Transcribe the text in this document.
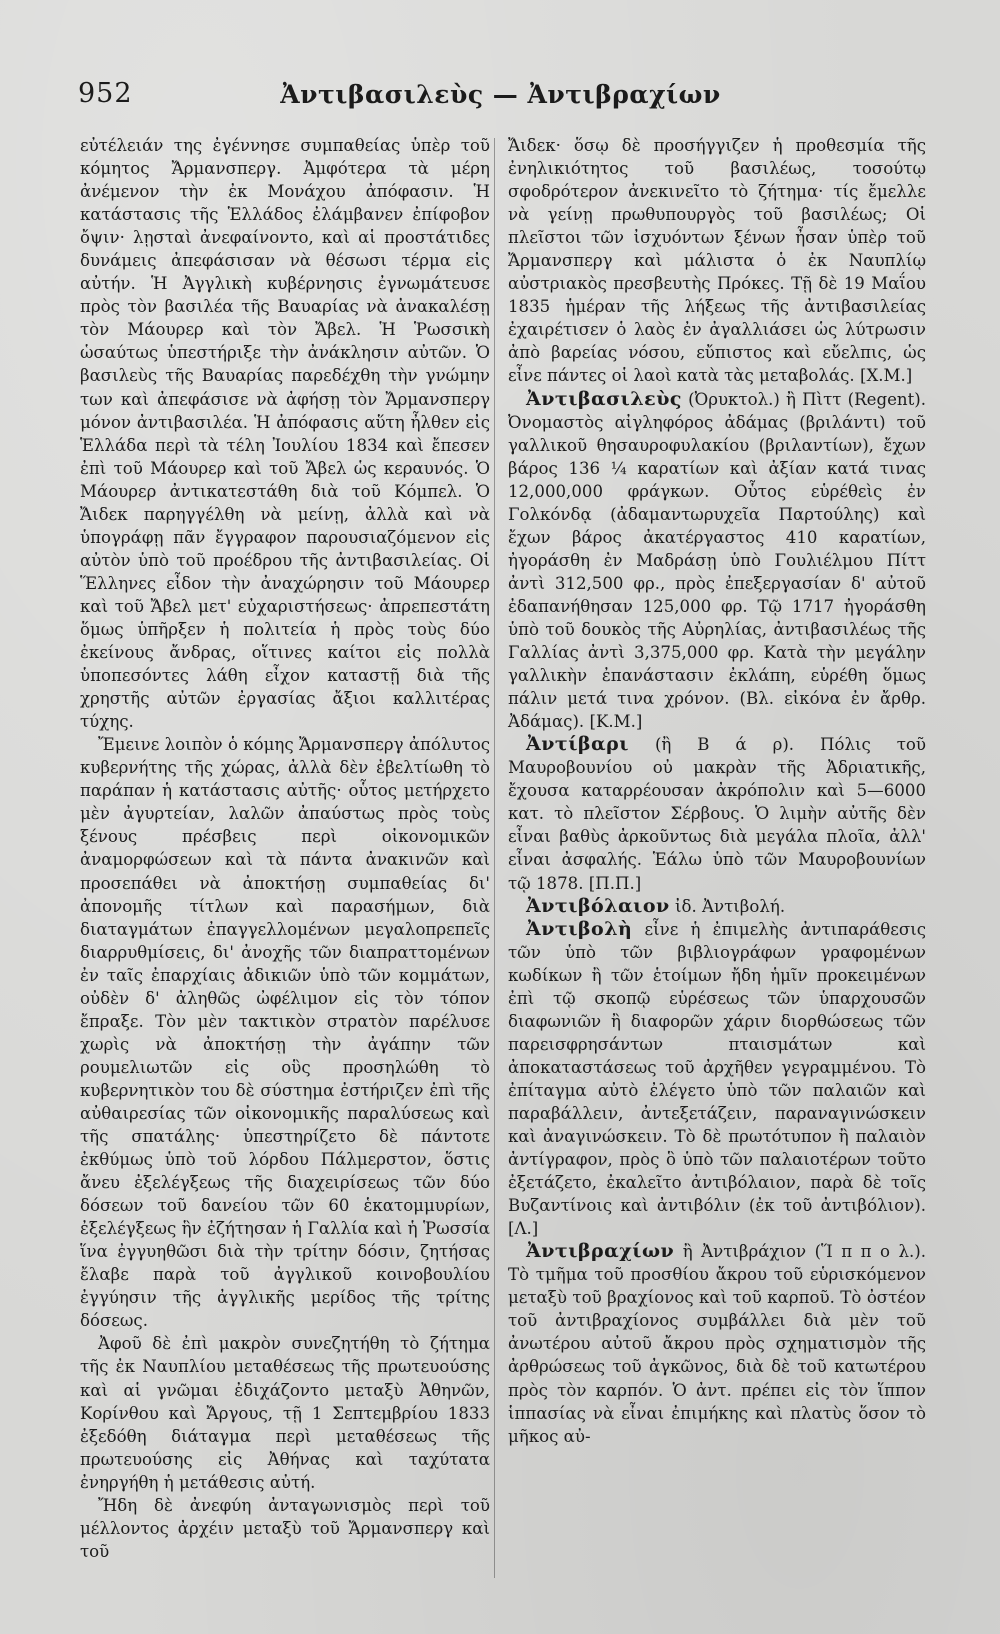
952	Ἀντιβασιλεὺς — Ἀντιβραχίων

εὐτέλειάν της ἐγέννησε συμπαθείας ὑπὲρ τοῦ κόμητος Ἄρμανσπεργ. Ἀμφότερα τὰ μέρη ἀνέμενον τὴν ἐκ Μονάχου ἀπόφασιν. Ἡ κατάστασις τῆς Ἑλλάδος ἐλάμβανεν ἐπίφοβον ὄψιν· λῃσταὶ ἀνεφαίνοντο, καὶ αἱ προστάτιδες δυνάμεις ἀπεφάσισαν νὰ θέσωσι τέρμα εἰς αὐτήν. Ἡ Ἀγγλικὴ κυβέρνησις ἐγνωμάτευσε πρὸς τὸν βασιλέα τῆς Βαυαρίας νὰ ἀνακαλέσῃ τὸν Μάουρερ καὶ τὸν Ἄβελ. Ἡ Ῥωσσικὴ ὡσαύτως ὑπεστήριξε τὴν ἀνάκλησιν αὐτῶν. Ὁ βασιλεὺς τῆς Βαυαρίας παρεδέχθη τὴν γνώμην των καὶ ἀπεφάσισε νὰ ἀφήσῃ τὸν Ἄρμανσπεργ μόνον ἀντιβασιλέα. Ἡ ἀπόφασις αὕτη ἦλθεν εἰς Ἑλλάδα περὶ τὰ τέλη Ἰουλίου 1834 καὶ ἔπεσεν ἐπὶ τοῦ Μάουρερ καὶ τοῦ Ἄβελ ὡς κεραυνός. Ὁ Μάουρερ ἀντικατεστάθη διὰ τοῦ Κόμπελ. Ὁ Ἄιδεκ παρηγγέλθη νὰ μείνῃ, ἀλλὰ καὶ νὰ ὑπογράφῃ πᾶν ἔγγραφον παρουσιαζόμενον εἰς αὐτὸν ὑπὸ τοῦ προέδρου τῆς ἀντιβασιλείας. Οἱ Ἕλληνες εἶδον τὴν ἀναχώρησιν τοῦ Μάουρερ καὶ τοῦ Ἄβελ μετ' εὐχαριστήσεως· ἀπρεπεστάτη ὅμως ὑπῆρξεν ἡ πολιτεία ἡ πρὸς τοὺς δύο ἐκείνους ἄνδρας, οἵτινες καίτοι εἰς πολλὰ ὑποπεσόντες λάθη εἶχον καταστῇ διὰ τῆς χρηστῆς αὐτῶν ἐργασίας ἄξιοι καλλιτέρας τύχης.

Ἔμεινε λοιπὸν ὁ κόμης Ἄρμανσπεργ ἀπόλυτος κυβερνήτης τῆς χώρας, ἀλλὰ δὲν ἐβελτίωθη τὸ παράπαν ἡ κατάστασις αὐτῆς· οὗτος μετήρχετο μὲν ἀγυρτείαν, λαλῶν ἀπαύστως πρὸς τοὺς ξένους πρέσβεις περὶ οἰκονομικῶν ἀναμορφώσεων καὶ τὰ πάντα ἀνακινῶν καὶ προσεπάθει νὰ ἀποκτήσῃ συμπαθείας δι' ἀπονομῆς τίτλων καὶ παρασήμων, διὰ διαταγμάτων ἐπαγγελλομένων μεγαλοπρεπεῖς διαρρυθμίσεις, δι' ἀνοχῆς τῶν διαπραττομένων ἐν ταῖς ἐπαρχίαις ἀδικιῶν ὑπὸ τῶν κομμάτων, οὐδὲν δ' ἀληθῶς ὠφέλιμον εἰς τὸν τόπον ἔπραξε. Τὸν μὲν τακτικὸν στρατὸν παρέλυσε χωρὶς νὰ ἀποκτήσῃ τὴν ἀγάπην τῶν ρουμελιωτῶν εἰς οὓς προσηλώθη τὸ κυβερνητικὸν του δὲ σύστημα ἐστήριζεν ἐπὶ τῆς αὐθαιρεσίας τῶν οἰκονομικῆς παραλύσεως καὶ τῆς σπατάλης· ὑπεστηρίζετο δὲ πάντοτε ἐκθύμως ὑπὸ τοῦ λόρδου Πάλμερστον, ὅστις ἄνευ ἐξελέγξεως τῆς διαχειρίσεως τῶν δύο δόσεων τοῦ δανείου τῶν 60 ἑκατομμυρίων, ἐξελέγξεως ἣν ἐζήτησαν ἡ Γαλλία καὶ ἡ Ῥωσσία ἵνα ἐγγυηθῶσι διὰ τὴν τρίτην δόσιν, ζητήσας ἔλαβε παρὰ τοῦ ἀγγλικοῦ κοινοβουλίου ἐγγύησιν τῆς ἀγγλικῆς μερίδος τῆς τρίτης δόσεως.

Ἀφοῦ δὲ ἐπὶ μακρὸν συνεζητήθη τὸ ζήτημα τῆς ἐκ Ναυπλίου μεταθέσεως τῆς πρωτευούσης καὶ αἱ γνῶμαι ἐδιχάζοντο μεταξὺ Ἀθηνῶν, Κορίνθου καὶ Ἄργους, τῇ 1 Σεπτεμβρίου 1833 ἐξεδόθη διάταγμα περὶ μεταθέσεως τῆς πρωτευούσης εἰς Ἀθήνας καὶ ταχύτατα ἐνηργήθη ἡ μετάθεσις αὐτή.

Ἤδη δὲ ἀνεφύη ἀνταγωνισμὸς περὶ τοῦ μέλλοντος ἀρχέιν μεταξὺ τοῦ Ἄρμανσπεργ καὶ τοῦ

Ἄιδεκ· ὅσῳ δὲ προσήγγιζεν ἡ προθεσμία τῆς ἐνηλικιότητος τοῦ βασιλέως, τοσούτῳ σφοδρότερον ἀνεκινεῖτο τὸ ζήτημα· τίς ἔμελλε νὰ γείνῃ πρωθυπουργὸς τοῦ βασιλέως; Οἱ πλεῖστοι τῶν ἰσχυόντων ξένων ἦσαν ὑπὲρ τοῦ Ἄρμανσπεργ καὶ μάλιστα ὁ ἐκ Ναυπλίῳ αὐστριακὸς πρεσβευτὴς Πρόκες. Τῇ δὲ 19 Μαΐου 1835 ἡμέραν τῆς λήξεως τῆς ἀντιβασιλείας ἐχαιρέτισεν ὁ λαὸς ἐν ἀγαλλιάσει ὡς λύτρωσιν ἀπὸ βαρείας νόσου, εὔπιστος καὶ εὔελπις, ὡς εἶνε πάντες οἱ λαοὶ κατὰ τὰς μεταβολάς. [Χ.Μ.]

Ἀντιβασιλεὺς (Ὀρυκτολ.) ἢ Πὶττ (Regent). Ὀνομαστὸς αἰγληφόρος ἀδάμας (βριλάντι) τοῦ γαλλικοῦ θησαυροφυλακίου (βριλαντίων), ἔχων βάρος 136 ¼ καρατίων καὶ ἀξίαν κατά τινας 12,000,000 φράγκων. Οὗτος εὑρέθεὶς ἐν Γολκόνδᾳ (ἀδαμαντωρυχεῖα Παρτούλης) καὶ ἔχων βάρος ἀκατέργαστος 410 καρατίων, ἠγοράσθη ἐν Μαδράσῃ ὑπὸ Γουλιέλμου Πίττ ἀντὶ 312,500 φρ., πρὸς ἐπεξεργασίαν δ' αὐτοῦ ἐδαπανήθησαν 125,000 φρ. Τῷ 1717 ἠγοράσθη ὑπὸ τοῦ δουκὸς τῆς Αὐρηλίας, ἀντιβασιλέως τῆς Γαλλίας ἀντὶ 3,375,000 φρ. Κατὰ τὴν μεγάλην γαλλικὴν ἐπανάστασιν ἐκλάπη, εὑρέθη ὅμως πάλιν μετά τινα χρόνον. (Βλ. εἰκόνα ἐν ἄρθρ. Ἀδάμας). [Κ.Μ.]

Ἀντίβαρι (ἢ Β ά ρ). Πόλις τοῦ Μαυροβουνίου οὐ μακρὰν τῆς Ἀδριατικῆς, ἔχουσα καταρρέουσαν ἀκρόπολιν καὶ 5—6000 κατ. τὸ πλεῖστον Σέρβους. Ὁ λιμὴν αὐτῆς δὲν εἶναι βαθὺς ἀρκοῦντως διὰ μεγάλα πλοῖα, ἀλλ' εἶναι ἀσφαλής. Ἑάλω ὑπὸ τῶν Μαυροβουνίων τῷ 1878. [Π.Π.]

Ἀντιβόλαιον ἰδ. Ἀντιβολή.

Ἀντιβολὴ εἶνε ἡ ἐπιμελὴς ἀντιπαράθεσις τῶν ὑπὸ τῶν βιβλιογράφων γραφομένων κωδίκων ἢ τῶν ἑτοίμων ἤδη ἡμῖν προκειμένων ἐπὶ τῷ σκοπῷ εὑρέσεως τῶν ὑπαρχουσῶν διαφωνιῶν ἢ διαφορῶν χάριν διορθώσεως τῶν παρεισφρησάντων πταισμάτων καὶ ἀποκαταστάσεως τοῦ ἀρχῆθεν γεγραμμένου. Τὸ ἐπίταγμα αὐτὸ ἐλέγετο ὑπὸ τῶν παλαιῶν καὶ παραβάλλειν, ἀντεξετάζειν, παραναγινώσκειν καὶ ἀναγινώσκειν. Τὸ δὲ πρωτότυπον ἢ παλαιὸν ἀντίγραφον, πρὸς ὃ ὑπὸ τῶν παλαιοτέρων τοῦτο ἐξετάζετο, ἐκαλεῖτο ἀντιβόλαιον, παρὰ δὲ τοῖς Βυζαντίνοις καὶ ἀντιβόλιν (ἐκ τοῦ ἀντιβόλιον). [Λ.]

Ἀντιβραχίων ἢ Ἀντιβράχιον (Ἵ π π ο λ.). Τὸ τμῆμα τοῦ προσθίου ἄκρου τοῦ εὑρισκόμενον μεταξὺ τοῦ βραχίονος καὶ τοῦ καρποῦ. Τὸ ὀστέον τοῦ ἀντιβραχίονος συμβάλλει διὰ μὲν τοῦ ἀνωτέρου αὐτοῦ ἄκρου πρὸς σχηματισμὸν τῆς ἀρθρώσεως τοῦ ἀγκῶνος, διὰ δὲ τοῦ κατωτέρου πρὸς τὸν καρπόν. Ὁ ἀντ. πρέπει εἰς τὸν ἵππον ἱππασίας νὰ εἶναι ἐπιμήκης καὶ πλατὺς ὅσον τὸ μῆκος αὐ-
